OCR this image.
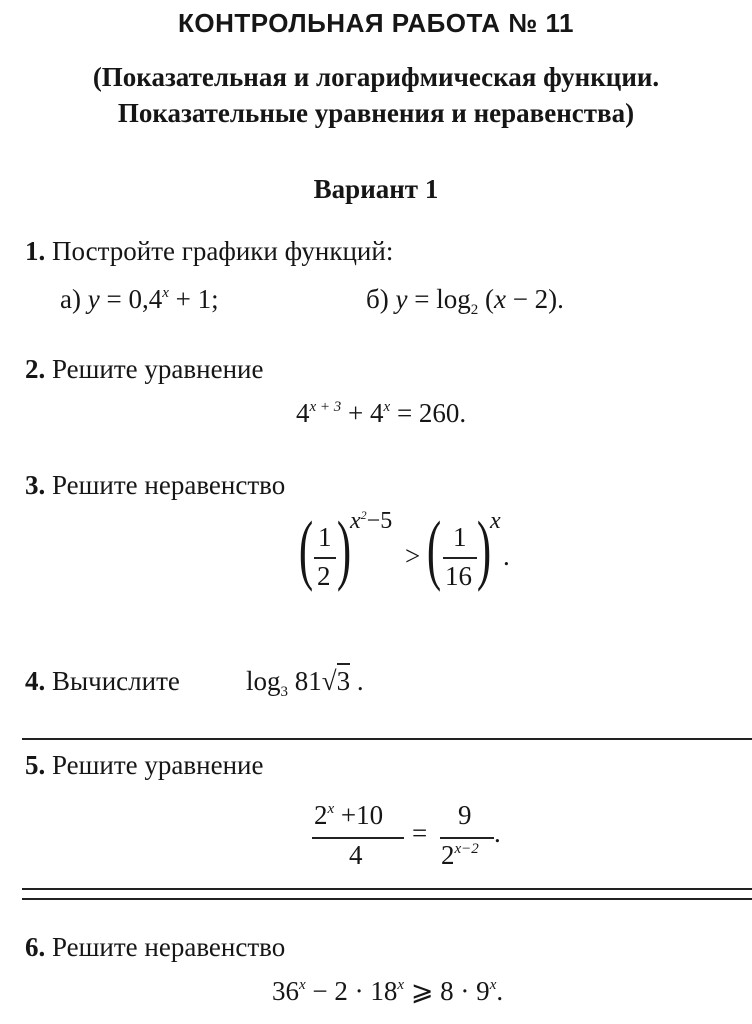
КОНТРОЛЬНАЯ РАБОТА № 11
(Показательная и логарифмическая функции.
Показательные уравнения и неравенства)
Вариант 1
1. Постройте графики функций:
а) $y = 0,4^x + 1$;	б) $y = \log_2 (x - 2)$.
2. Решите уравнение
$4^{x + 3} + 4^x = 260$.
3. Решите неравенство
( 1
2 )
$x^2-5$
> ( 1
16 )
x
.
4. Вычислите $\log_3 81√3$ .
5. Решите уравнение
$2^x +10$
4
=
9
$2^{x-2}$
.
6. Решите неравенство
$36^x - 2 \cdot 18^x$ ⩾ $8 \cdot 9^x$.
